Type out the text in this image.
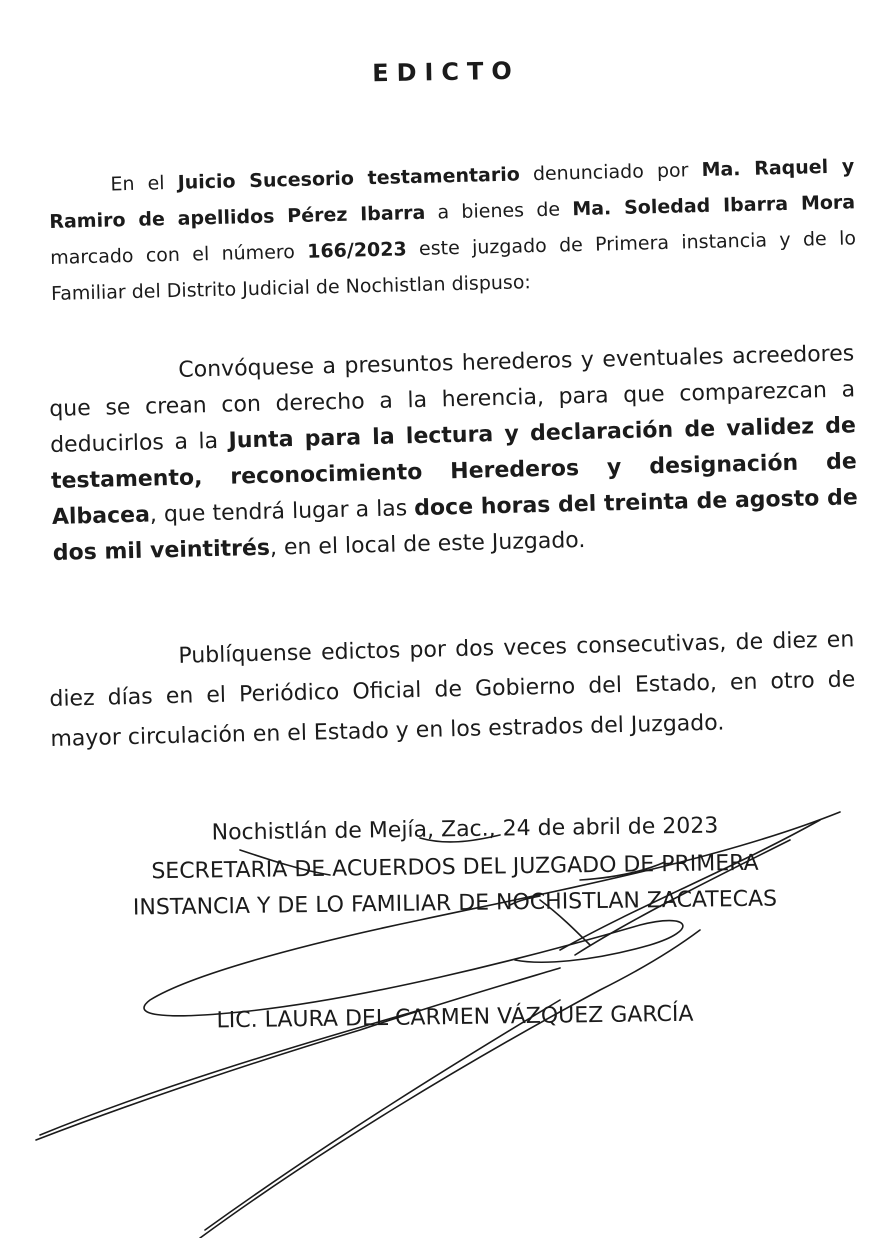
EDICTO
En el Juicio Sucesorio testamentario denunciado por Ma. Raquel y Ramiro de apellidos Pérez Ibarra a bienes de Ma. Soledad Ibarra Mora marcado con el número 166/2023 este juzgado de Primera instancia y de lo Familiar del Distrito Judicial de Nochistlan dispuso:
Convóquese a presuntos herederos y eventuales acreedores que se crean con derecho a la herencia, para que comparezcan a deducirlos a la Junta para la lectura y declaración de validez de testamento, reconocimiento Herederos y designación de Albacea, que tendrá lugar a las doce horas del treinta de agosto de dos mil veintitrés, en el local de este Juzgado.
Publíquense edictos por dos veces consecutivas, de diez en diez días en el Periódico Oficial de Gobierno del Estado, en otro de mayor circulación en el Estado y en los estrados del Juzgado.
Nochistlán de Mejía, Zac., 24 de abril de 2023
SECRETARIA DE ACUERDOS DEL JUZGADO DE PRIMERA
INSTANCIA Y DE LO FAMILIAR DE NOCHISTLAN ZACATECAS
LIC. LAURA DEL CARMEN VÁZQUEZ GARCÍA
